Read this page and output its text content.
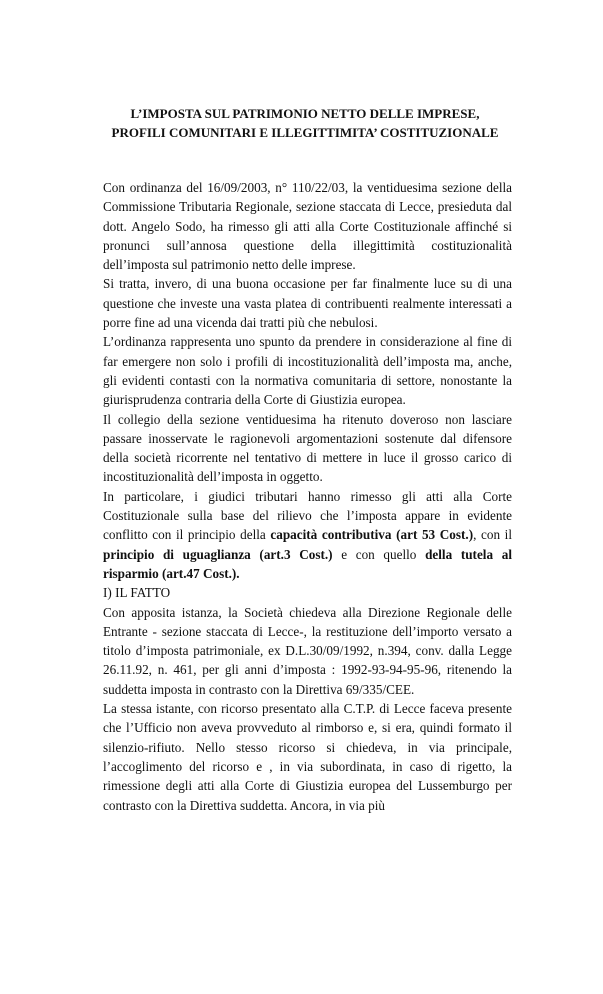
L’IMPOSTA SUL PATRIMONIO NETTO DELLE IMPRESE,
PROFILI COMUNITARI E ILLEGITTIMITA’ COSTITUZIONALE

Con ordinanza del 16/09/2003, n° 110/22/03, la ventiduesima sezione della Commissione Tributaria Regionale, sezione staccata di Lecce, presieduta dal dott. Angelo Sodo, ha rimesso gli atti alla Corte Costituzionale affinché si pronunci sull’annosa questione della illegittimità costituzionalità dell’imposta sul patrimonio netto delle imprese.

Si tratta, invero, di una buona occasione per far finalmente luce su di una questione che investe una vasta platea di contribuenti realmente interessati a porre fine ad una vicenda dai tratti più che nebulosi.

L’ordinanza rappresenta uno spunto da prendere in considerazione al fine di far emergere non solo i profili di incostituzionalità dell’imposta ma, anche, gli evidenti contasti con la normativa comunitaria di settore, nonostante la giurisprudenza contraria della Corte di Giustizia europea.

Il collegio della sezione ventiduesima ha ritenuto doveroso non lasciare passare inosservate le ragionevoli argomentazioni sostenute dal difensore della società ricorrente nel tentativo di mettere in luce il grosso carico di incostituzionalità dell’imposta in oggetto.

In particolare, i giudici tributari hanno rimesso gli atti alla Corte Costituzionale sulla base del rilievo che l’imposta appare in evidente conflitto con il principio della capacità contributiva (art 53 Cost.), con il principio di uguaglianza (art.3 Cost.) e con quello della tutela al risparmio (art.47 Cost.).

I) IL FATTO

Con apposita istanza, la Società chiedeva alla Direzione Regionale delle Entrante - sezione staccata di Lecce-, la restituzione dell’importo versato a titolo d’imposta patrimoniale, ex D.L.30/09/1992, n.394, conv. dalla Legge 26.11.92, n. 461, per gli anni d’imposta : 1992-93-94-95-96, ritenendo la suddetta imposta in contrasto con la Direttiva 69/335/CEE.

La stessa istante, con ricorso presentato alla C.T.P. di Lecce faceva presente che l’Ufficio non aveva provveduto al rimborso e, si era, quindi formato il silenzio-rifiuto. Nello stesso ricorso si chiedeva, in via principale, l’accoglimento del ricorso e , in via subordinata, in caso di rigetto, la rimessione degli atti alla Corte di Giustizia europea del Lussemburgo per contrasto con la Direttiva suddetta. Ancora, in via più
